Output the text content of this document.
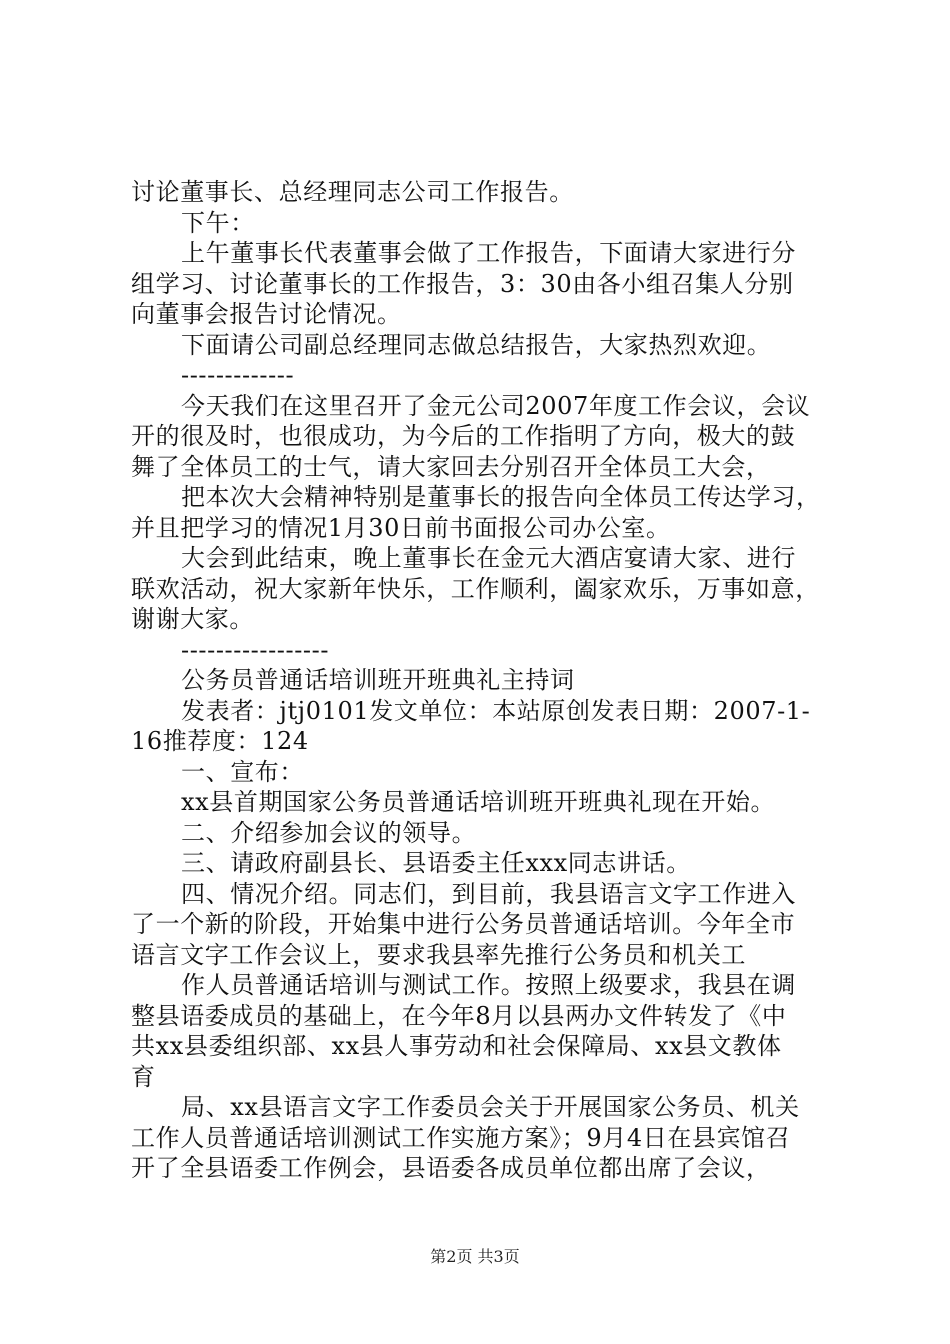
讨论董事长、总经理同志公司工作报告。
下午：
上午董事长代表董事会做了工作报告，下面请大家进行分
组学习、讨论董事长的工作报告，3：30由各小组召集人分别
向董事会报告讨论情况。
下面请公司副总经理同志做总结报告，大家热烈欢迎。
-------------
今天我们在这里召开了金元公司2007年度工作会议，会议
开的很及时，也很成功，为今后的工作指明了方向，极大的鼓
舞了全体员工的士气，请大家回去分别召开全体员工大会，
把本次大会精神特别是董事长的报告向全体员工传达学习，
并且把学习的情况1月30日前书面报公司办公室。
大会到此结束，晚上董事长在金元大酒店宴请大家、进行
联欢活动，祝大家新年快乐，工作顺利，阖家欢乐，万事如意，
谢谢大家。
-----------------
公务员普通话培训班开班典礼主持词
发表者：jtj0101发文单位：本站原创发表日期：2007-1-
16推荐度：124
一、宣布：
xx县首期国家公务员普通话培训班开班典礼现在开始。
二、介绍参加会议的领导。
三、请政府副县长、县语委主任xxx同志讲话。
四、情况介绍。同志们，到目前，我县语言文字工作进入
了一个新的阶段，开始集中进行公务员普通话培训。今年全市
语言文字工作会议上，要求我县率先推行公务员和机关工
作人员普通话培训与测试工作。按照上级要求，我县在调
整县语委成员的基础上，在今年8月以县两办文件转发了《中
共xx县委组织部、xx县人事劳动和社会保障局、xx县文教体
育
局、xx县语言文字工作委员会关于开展国家公务员、机关
工作人员普通话培训测试工作实施方案》；9月4日在县宾馆召
开了全县语委工作例会，县语委各成员单位都出席了会议，
第2页 共3页
